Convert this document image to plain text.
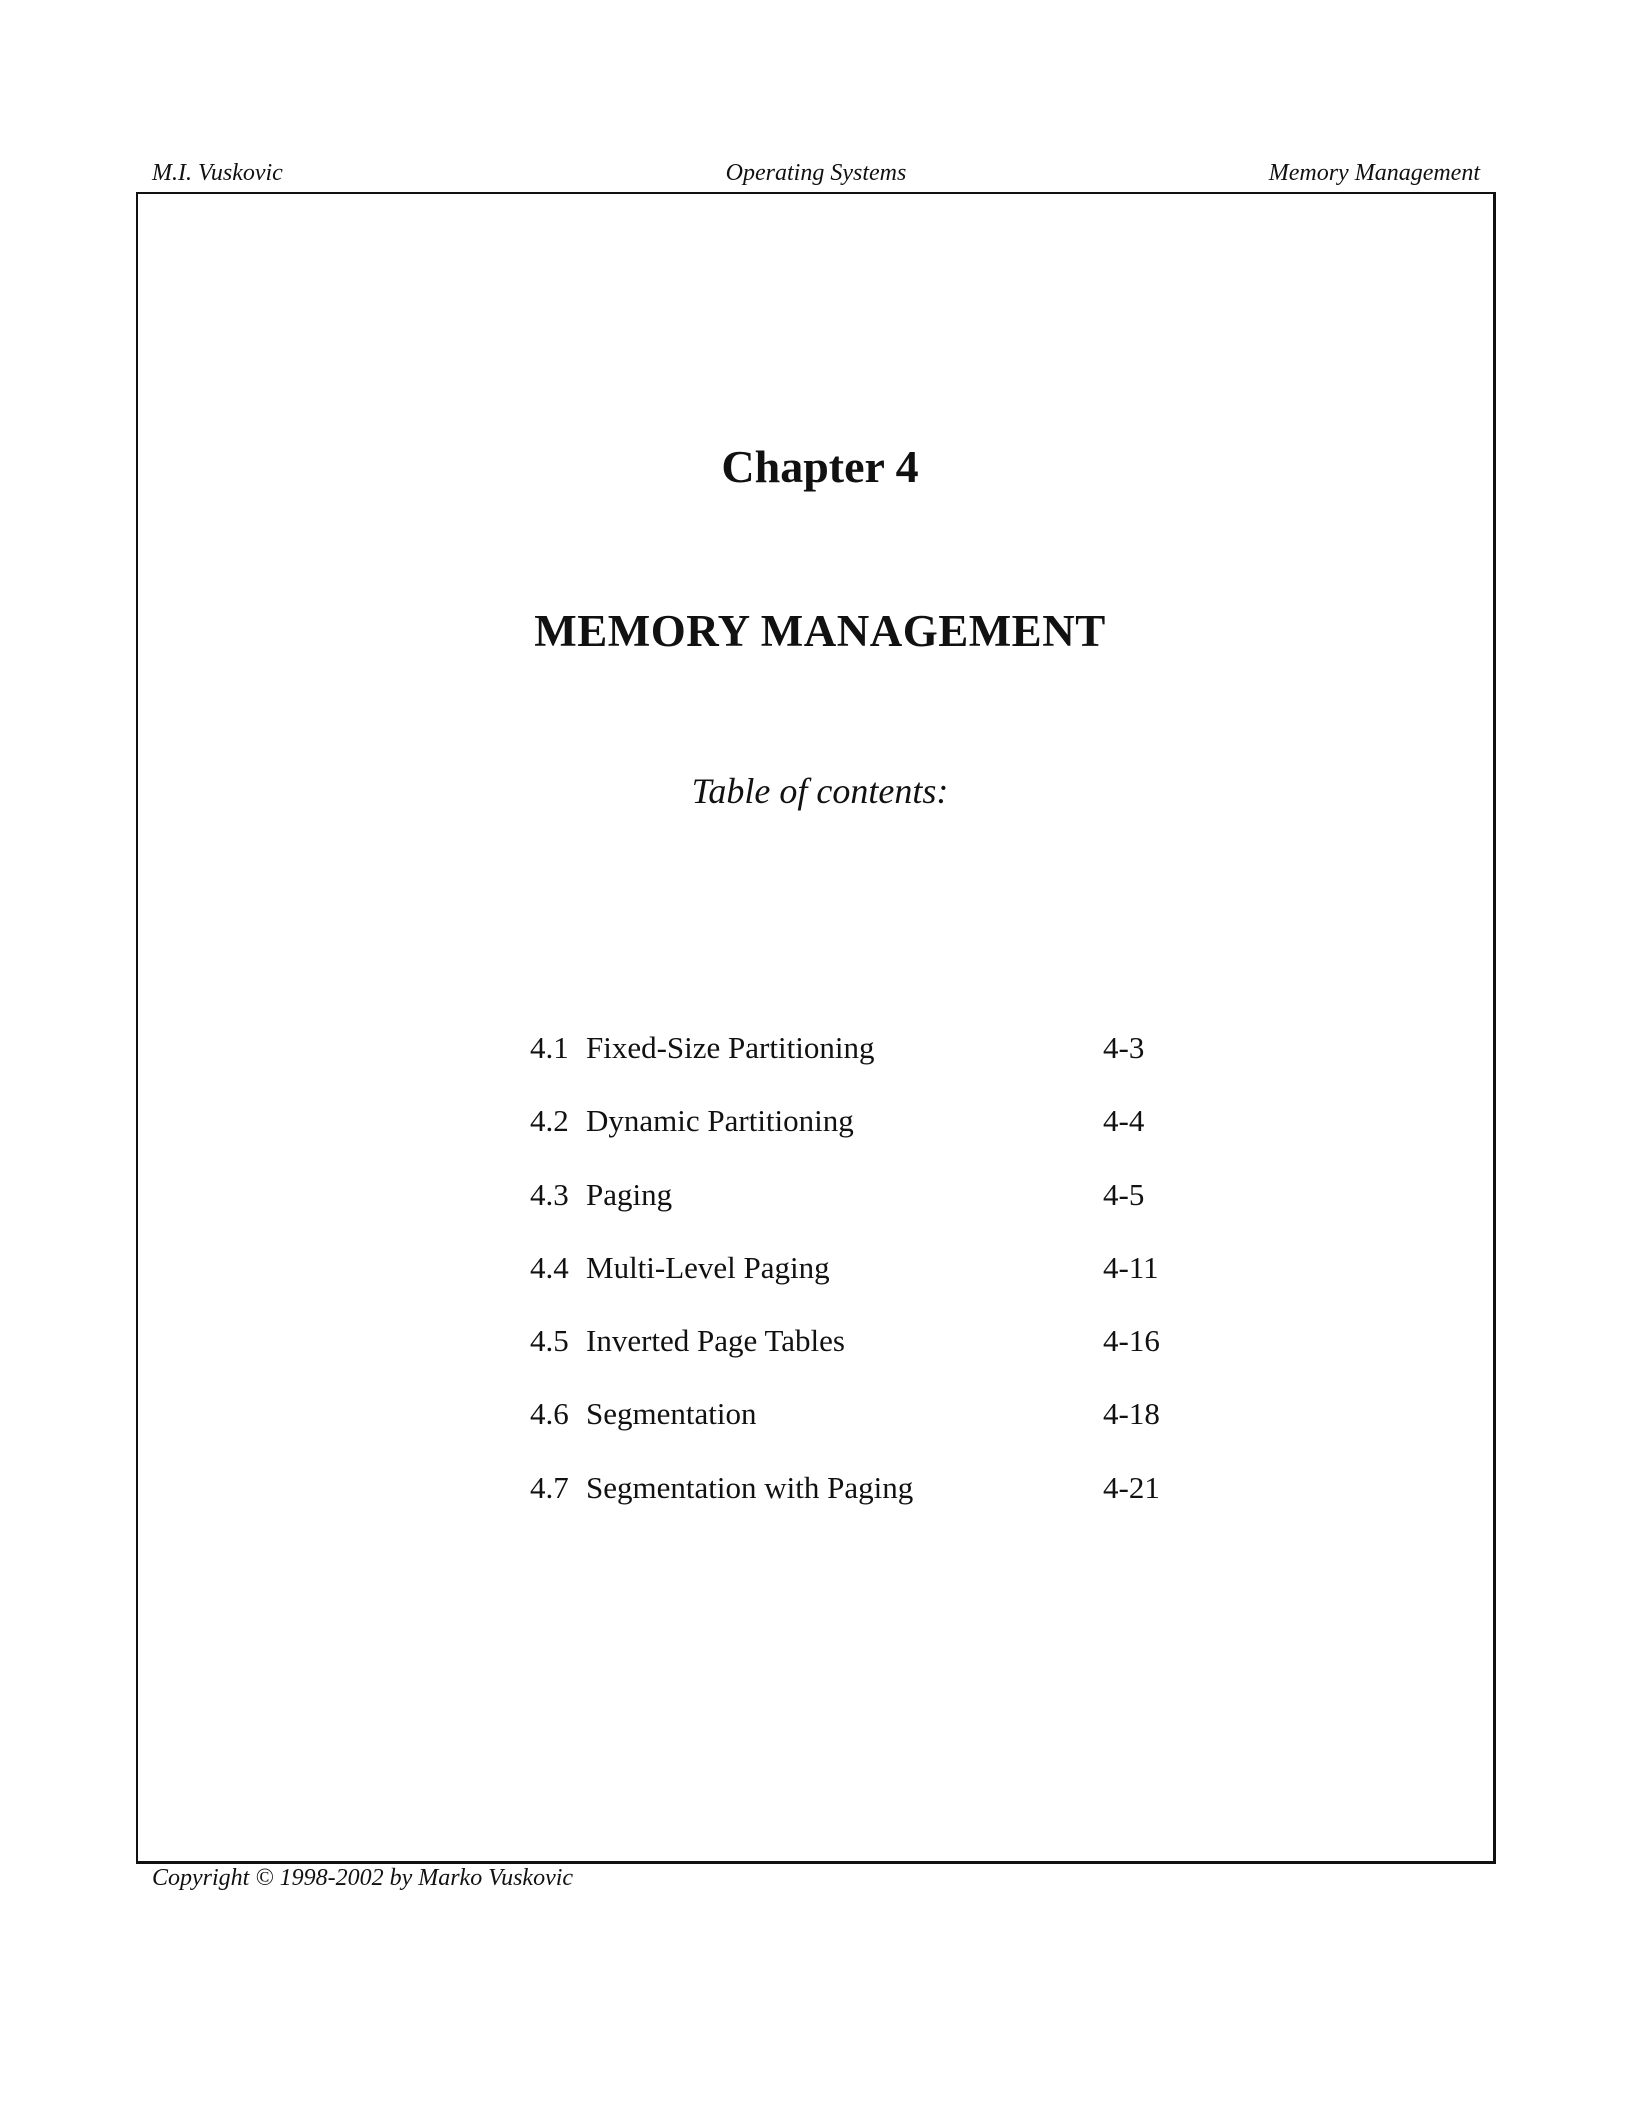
M.I. Vuskovic	Operating Systems	Memory Management
Chapter 4
MEMORY MANAGEMENT
Table of contents:
4.1 Fixed-Size Partitioning	4-3
4.2 Dynamic Partitioning	4-4
4.3 Paging	4-5
4.4 Multi-Level Paging	4-11
4.5 Inverted Page Tables	4-16
4.6 Segmentation	4-18
4.7 Segmentation with Paging	4-21
Copyright © 1998-2002 by Marko Vuskovic
